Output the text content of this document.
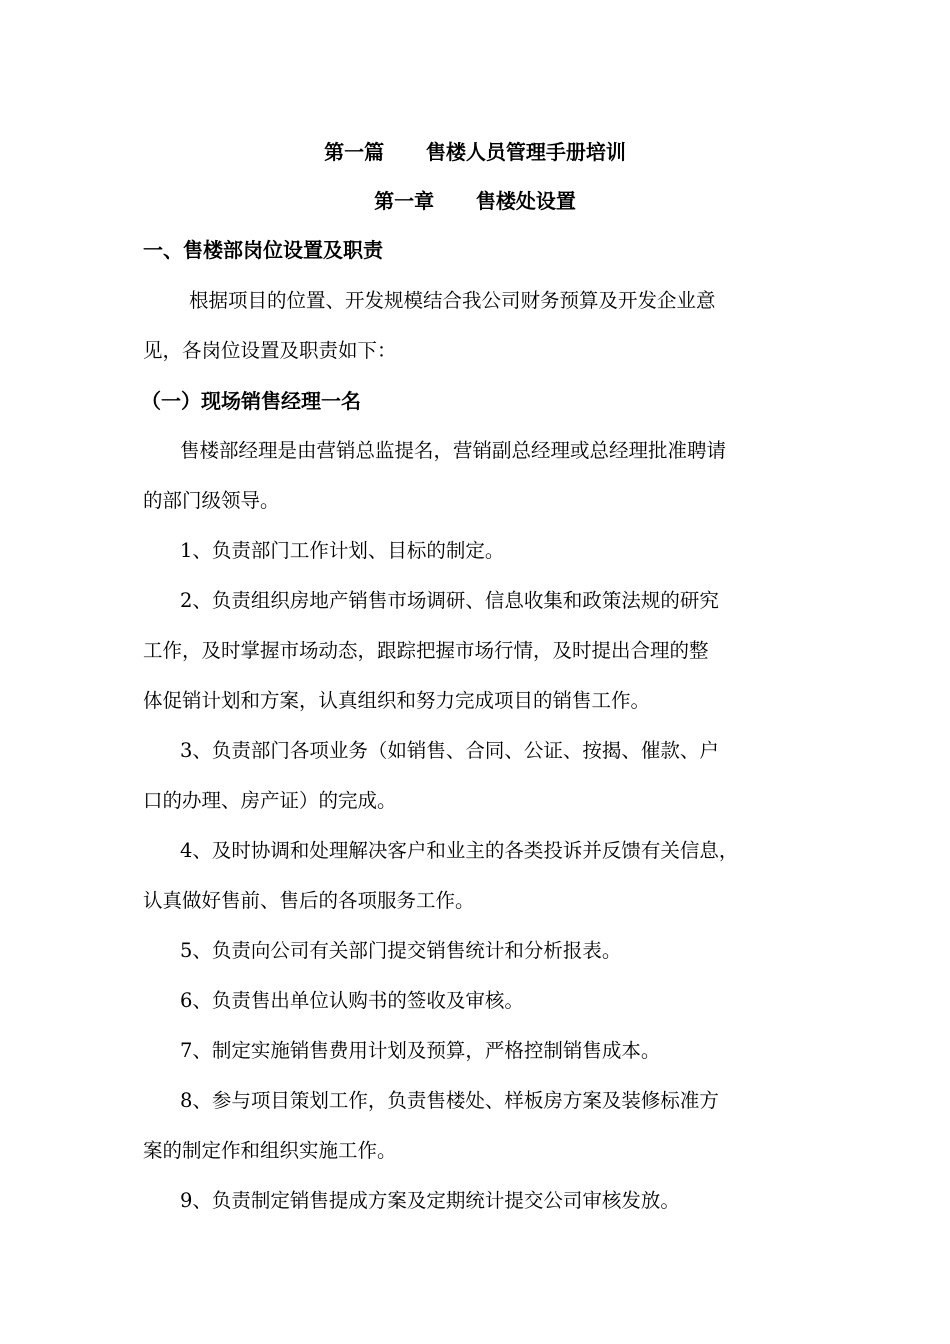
第一篇      售楼人员管理手册培训
第一章      售楼处设置
一、售楼部岗位设置及职责
根据项目的位置、开发规模结合我公司财务预算及开发企业意
见，各岗位设置及职责如下：
（一）现场销售经理一名
售楼部经理是由营销总监提名，营销副总经理或总经理批准聘请
的部门级领导。
1、负责部门工作计划、目标的制定。
2、负责组织房地产销售市场调研、信息收集和政策法规的研究
工作，及时掌握市场动态，跟踪把握市场行情，及时提出合理的整
体促销计划和方案，认真组织和努力完成项目的销售工作。
3、负责部门各项业务（如销售、合同、公证、按揭、催款、户
口的办理、房产证）的完成。
4、及时协调和处理解决客户和业主的各类投诉并反馈有关信息，
认真做好售前、售后的各项服务工作。
5、负责向公司有关部门提交销售统计和分析报表。
6、负责售出单位认购书的签收及审核。
7、制定实施销售费用计划及预算，严格控制销售成本。
8、参与项目策划工作，负责售楼处、样板房方案及装修标准方
案的制定作和组织实施工作。
9、负责制定销售提成方案及定期统计提交公司审核发放。
